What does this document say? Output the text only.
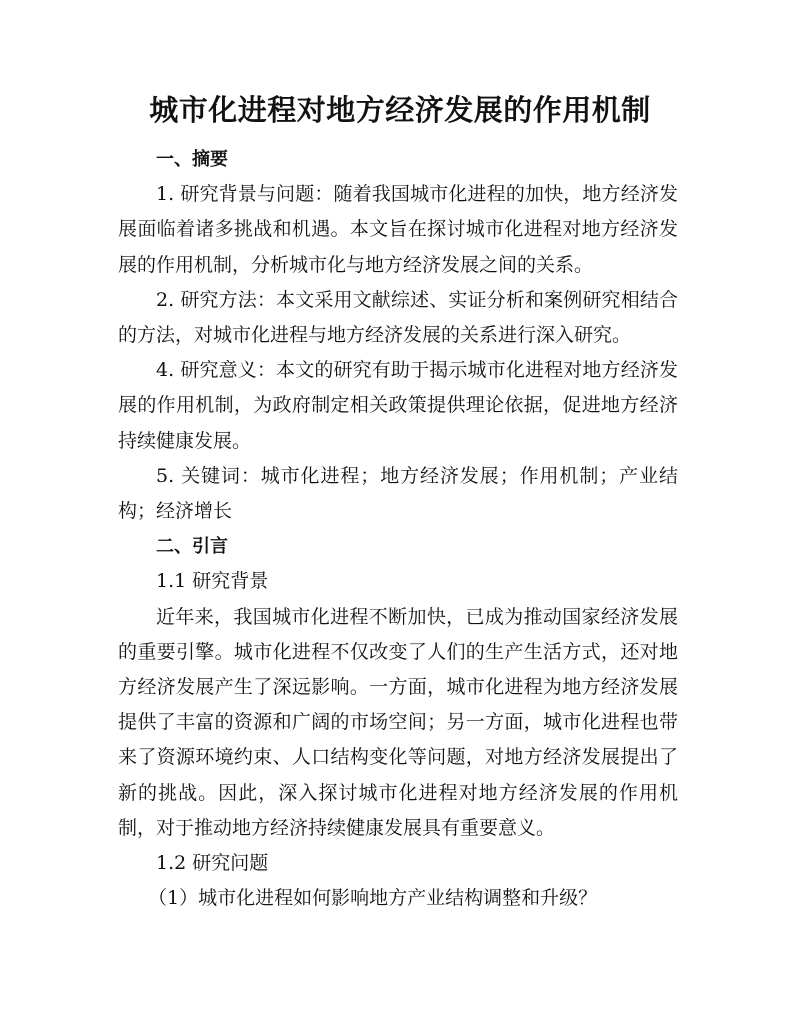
城市化进程对地方经济发展的作用机制

一、摘要

1. 研究背景与问题：随着我国城市化进程的加快，地方经济发展面临着诸多挑战和机遇。本文旨在探讨城市化进程对地方经济发展的作用机制，分析城市化与地方经济发展之间的关系。

2. 研究方法：本文采用文献综述、实证分析和案例研究相结合的方法，对城市化进程与地方经济发展的关系进行深入研究。

4. 研究意义：本文的研究有助于揭示城市化进程对地方经济发展的作用机制，为政府制定相关政策提供理论依据，促进地方经济持续健康发展。

5. 关键词：城市化进程；地方经济发展；作用机制；产业结构；经济增长

二、引言

1.1 研究背景

近年来，我国城市化进程不断加快，已成为推动国家经济发展的重要引擎。城市化进程不仅改变了人们的生产生活方式，还对地方经济发展产生了深远影响。一方面，城市化进程为地方经济发展提供了丰富的资源和广阔的市场空间；另一方面，城市化进程也带来了资源环境约束、人口结构变化等问题，对地方经济发展提出了新的挑战。因此，深入探讨城市化进程对地方经济发展的作用机制，对于推动地方经济持续健康发展具有重要意义。

1.2 研究问题

（1）城市化进程如何影响地方产业结构调整和升级？
